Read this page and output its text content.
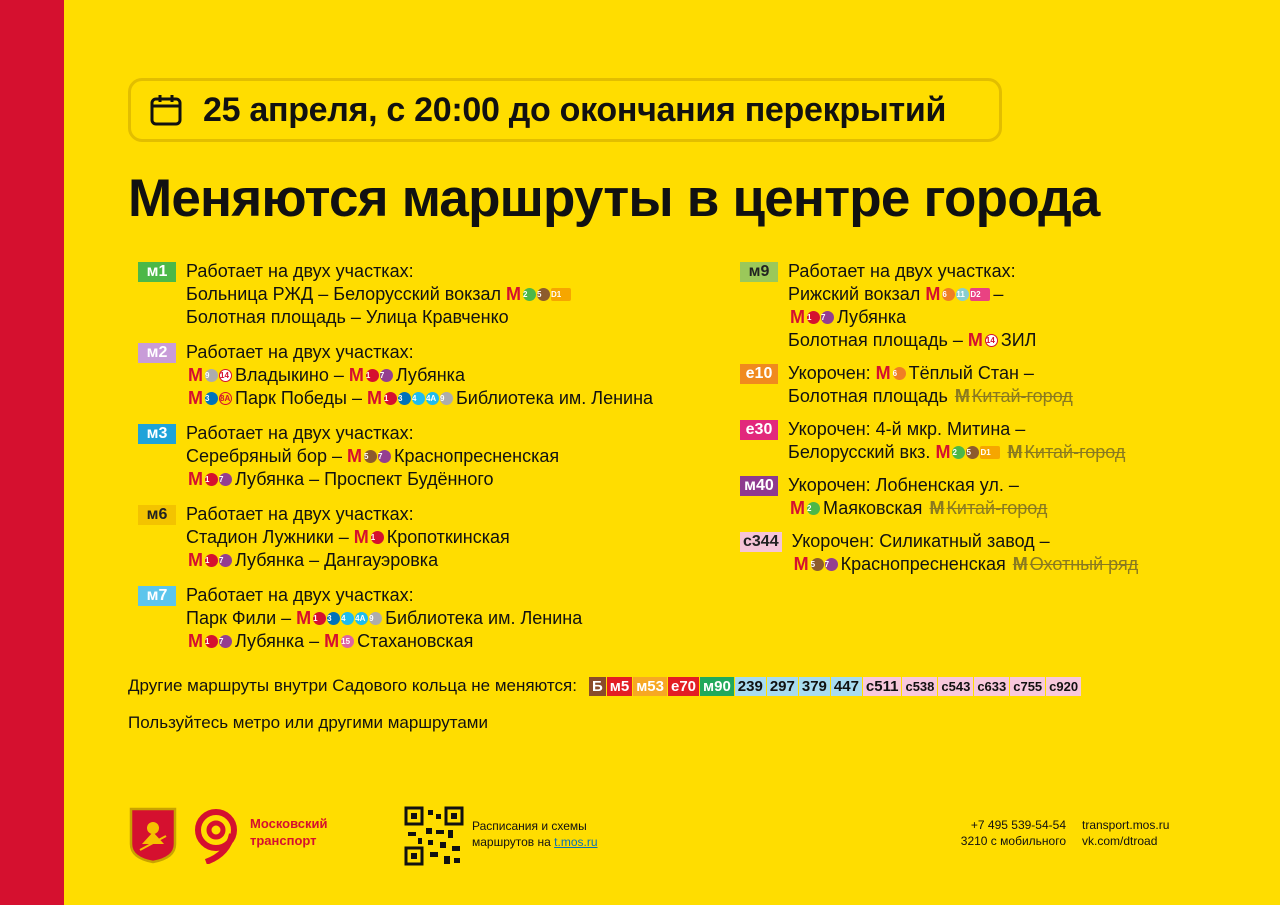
25 апреля, с 20:00 до окончания перекрытий
Меняются маршруты в центре города
м1	Работает на двух участках:
Больница РЖД – Белорусский вокзал М 2	5	D1
Болотная площадь – Улица Кравченко
м2	Работает на двух участках:
М 9	14 Владыкино – М 1	7 Лубянка
М 3	8А Парк Победы – М 1	3	4	4А 9 Библиотека им. Ленина
м3	Работает на двух участках:
Серебряный бор – М 5	7 Краснопресненская
М 1	7 Лубянка – Проспект Будённого
м6	Работает на двух участках:
Стадион Лужники – М 1 Кропоткинская
М 1	7 Лубянка – Дангауэровка
м7	Работает на двух участках:
Парк Фили – М 1	3	4	4А 9 Библиотека им. Ленина
М 1	7 Лубянка – М 15 Стахановская
м9	Работает на двух участках:
Рижский вокзал М 6	11 D2 –
М 1	7 Лубянка
Болотная площадь – М 14 ЗИЛ
е10 Укорочен: М 6 Тёплый Стан –
Болотная площадь М Китай-город
е30 Укорочен: 4-й мкр. Митина –
Белорусский вкз. М 2	5	D1 М Китай-город
м40 Укорочен: Лобненская ул. –
М 2 Маяковская М Китай-город
с344 Укорочен: Силикатный завод –
М 5	7 Краснопресненская М Охотный ряд
Другие маршруты внутри Садового кольца не меняются: Б м5 м53 е70 м90 239 297 379 447 с511 с538 с543 с633 с755 с920
Пользуйтесь метро или другими маршрутами
Московский
транспорт
Расписания и схемы
маршрутов на t.mos.ru
+7 495 539-54-54
3210 с мобильного
transport.mos.ru
vk.com/dtroad
